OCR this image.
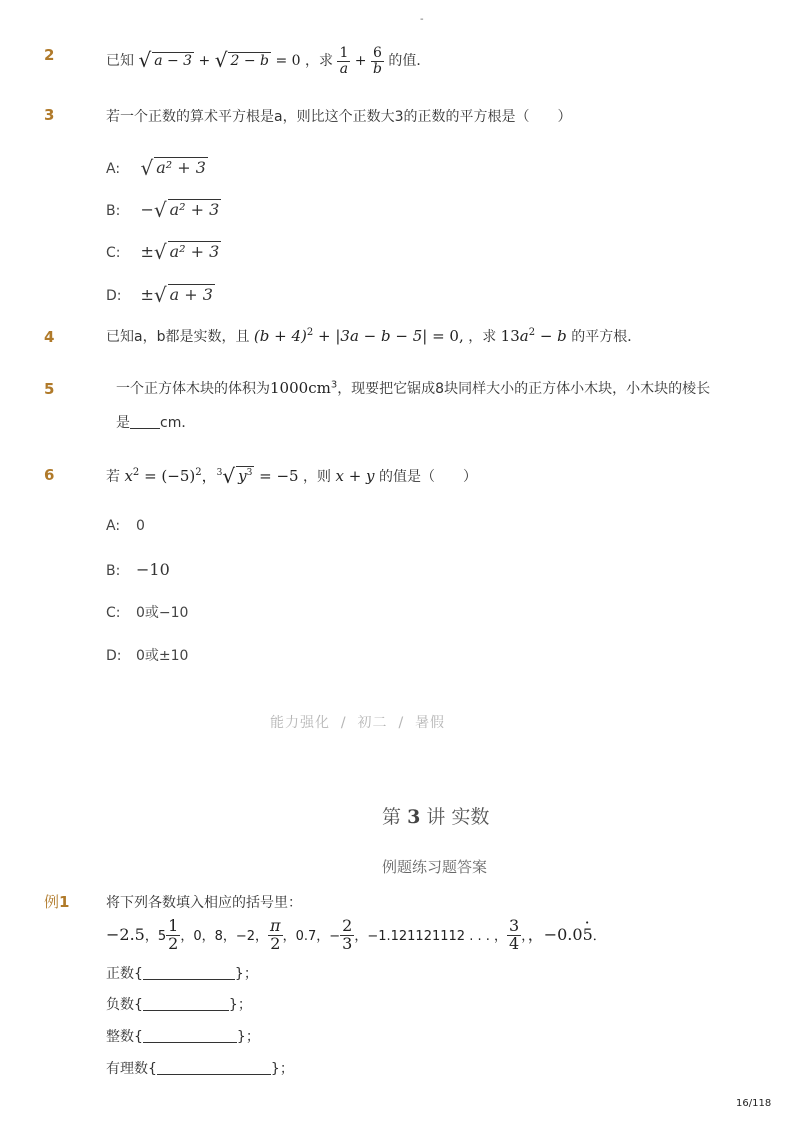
-
2	已知 √ a − 3 + √ 2 − b = 0 ，求 $\frac{1}{a} + \frac{6}{b}$ 的值．
3	若一个正数的算术平方根是a，则比这个正数大3的正数的平方根是（　　）
A: √ a² + 3
B: −√ a² + 3
C: ±√ a² + 3
D: ±√ a + 3
4	已知a，b都是实数，且 $(b + 4)^2 + |3a - b - 5| = 0$, ，求 $13a^2 - b$ 的平方根．
5	一个正方体木块的体积为$1000cm^3$，现要把它锯成8块同样大小的正方体小木块，小木块的棱长
是 cm．
6	若 $x^2 = (-5)^2$，$^3$√ $y^3 = -5$ ，则 x + y 的值是（　　）
A: 0
B: −10
C: 0或−10
D: 0或±10
能力强化 / 初二 / 暑假
第 3 讲 实数
例题练习题答案
例1	将下列各数填入相应的括号里：
−2.5，$5 \frac{1}{2}$ ，0，8，−2， $\frac{\pi}{2}$ ，0.7，− $\frac{2}{3}$ ，−1.121121112 . . . ， $\frac{3}{4}$ ，，−0.0· 5．
正数{	}；
负数{	}；
整数{	}；
有理数{	}；
16/118
